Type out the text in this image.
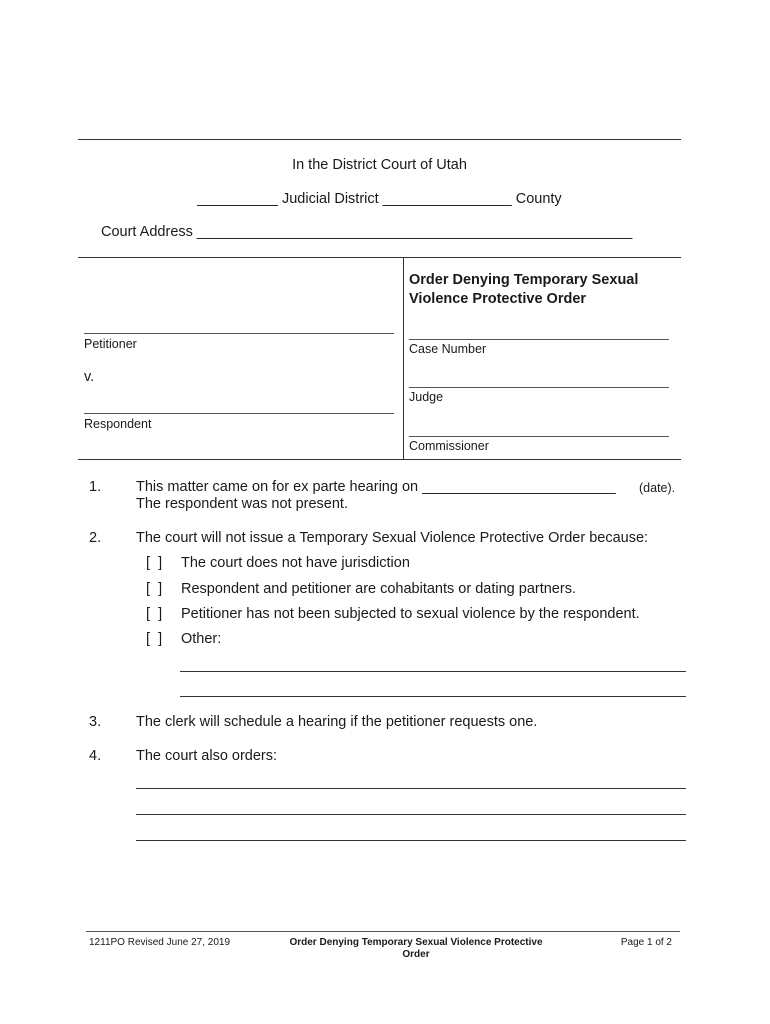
In the District Court of Utah
__________ Judicial District ________________ County
Court Address ______________________________________________________
Petitioner
v.
Respondent
Order Denying Temporary Sexual
Violence Protective Order
Case Number
Judge
Commissioner
1. This matter came on for ex parte hearing on ________________________ (date).
The respondent was not present.
2. The court will not issue a Temporary Sexual Violence Protective Order because:
[  ] The court does not have jurisdiction
[  ] Respondent and petitioner are cohabitants or dating partners.
[  ] Petitioner has not been subjected to sexual violence by the respondent.
[  ] Other:
3. The clerk will schedule a hearing if the petitioner requests one.
4. The court also orders:
1211PO Revised June 27, 2019	Order Denying Temporary Sexual Violence Protective
Order
Page 1 of 2
